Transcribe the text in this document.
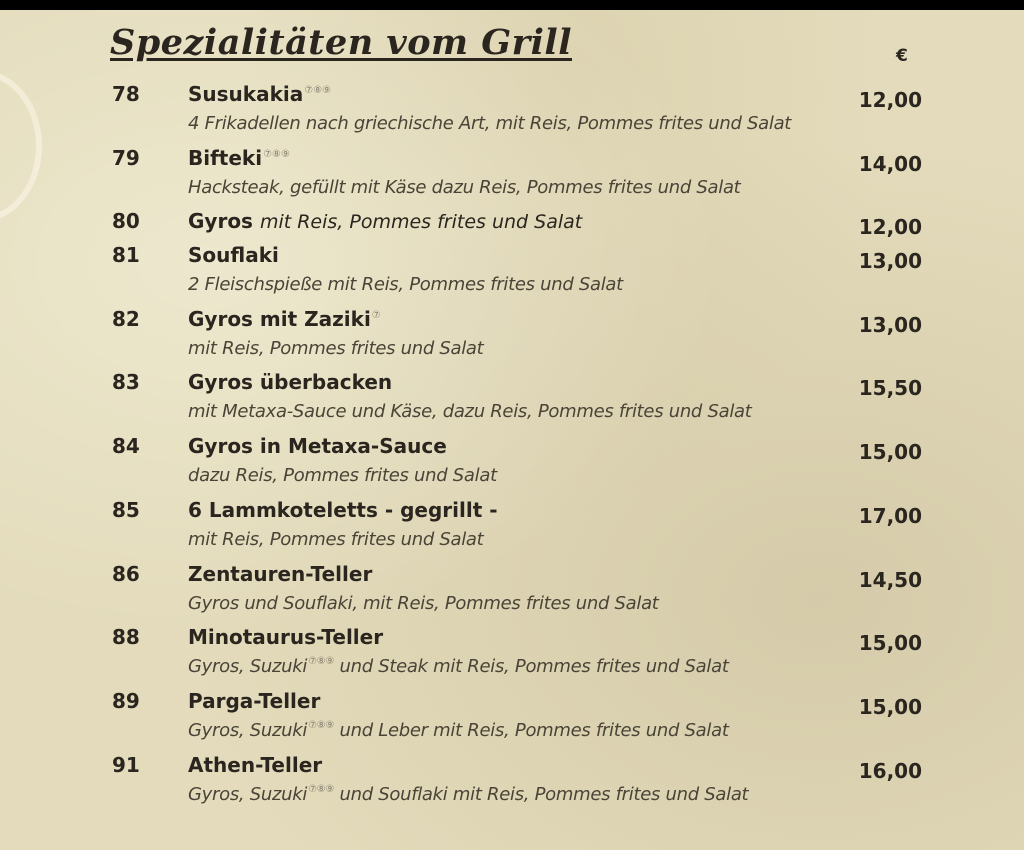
Spezialitäten vom Grill	€
78 Susukakia⑦⑧⑨	12,00
4 Frikadellen nach griechische Art, mit Reis, Pommes frites und Salat
79 Bifteki⑦⑧⑨	14,00
Hacksteak, gefüllt mit Käse dazu Reis, Pommes frites und Salat
80 Gyros mit Reis, Pommes frites und Salat	12,00
81 Souflaki	13,00
2 Fleischspieße mit Reis, Pommes frites und Salat
82 Gyros mit Zaziki⑦	13,00
mit Reis, Pommes frites und Salat
83 Gyros überbacken	15,50
mit Metaxa-Sauce und Käse, dazu Reis, Pommes frites und Salat
84 Gyros in Metaxa-Sauce	15,00
dazu Reis, Pommes frites und Salat
85 6 Lammkoteletts - gegrillt -	17,00
mit Reis, Pommes frites und Salat
86 Zentauren-Teller	14,50
Gyros und Souflaki, mit Reis, Pommes frites und Salat
88 Minotaurus-Teller	15,00
Gyros, Suzuki⑦⑧⑨ und Steak mit Reis, Pommes frites und Salat
89 Parga-Teller	15,00
Gyros, Suzuki⑦⑧⑨ und Leber mit Reis, Pommes frites und Salat
91 Athen-Teller	16,00
Gyros, Suzuki⑦⑧⑨ und Souflaki mit Reis, Pommes frites und Salat
